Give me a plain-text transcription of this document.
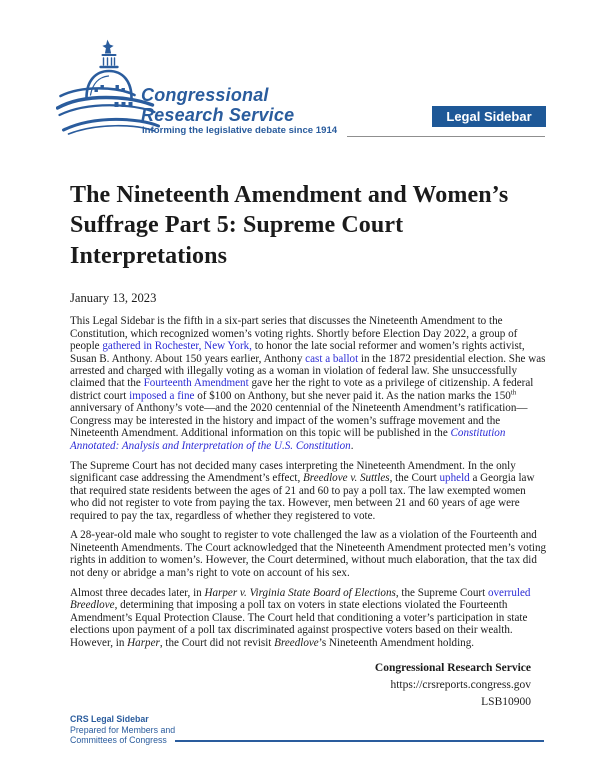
Congressional
Research Service
Informing the legislative debate since 1914
Legal Sidebar
The Nineteenth Amendment and Women’s
Suffrage Part 5: Supreme Court
Interpretations
January 13, 2023

This Legal Sidebar is the fifth in a six-part series that discusses the Nineteenth Amendment to the Constitution, which recognized women’s voting rights. Shortly before Election Day 2022, a group of people gathered in Rochester, New York, to honor the late social reformer and women’s rights activist, Susan B. Anthony. About 150 years earlier, Anthony cast a ballot in the 1872 presidential election. She was arrested and charged with illegally voting as a woman in violation of federal law. She unsuccessfully claimed that the Fourteenth Amendment gave her the right to vote as a privilege of citizenship. A federal district court imposed a fine of $100 on Anthony, but she never paid it. As the nation marks the 150th anniversary of Anthony’s vote—and the 2020 centennial of the Nineteenth Amendment’s ratification—Congress may be interested in the history and impact of the women’s suffrage movement and the Nineteenth Amendment. Additional information on this topic will be published in the Constitution Annotated: Analysis and Interpretation of the U.S. Constitution.

The Supreme Court has not decided many cases interpreting the Nineteenth Amendment. In the only significant case addressing the Amendment’s effect, Breedlove v. Suttles, the Court upheld a Georgia law that required state residents between the ages of 21 and 60 to pay a poll tax. The law exempted women who did not register to vote from paying the tax. However, men between 21 and 60 years of age were required to pay the tax, regardless of whether they registered to vote.

A 28-year-old male who sought to register to vote challenged the law as a violation of the Fourteenth and Nineteenth Amendments. The Court acknowledged that the Nineteenth Amendment protected men’s voting rights in addition to women’s. However, the Court determined, without much elaboration, that the tax did not deny or abridge a man’s right to vote on account of his sex.

Almost three decades later, in Harper v. Virginia State Board of Elections, the Supreme Court overruled Breedlove, determining that imposing a poll tax on voters in state elections violated the Fourteenth Amendment’s Equal Protection Clause. The Court held that conditioning a voter’s participation in state elections upon payment of a poll tax discriminated against prospective voters based on their wealth. However, in Harper, the Court did not revisit Breedlove’s Nineteenth Amendment holding.

Congressional Research Service
https://crsreports.congress.gov
LSB10900
CRS Legal Sidebar
Prepared for Members and
Committees of Congress
